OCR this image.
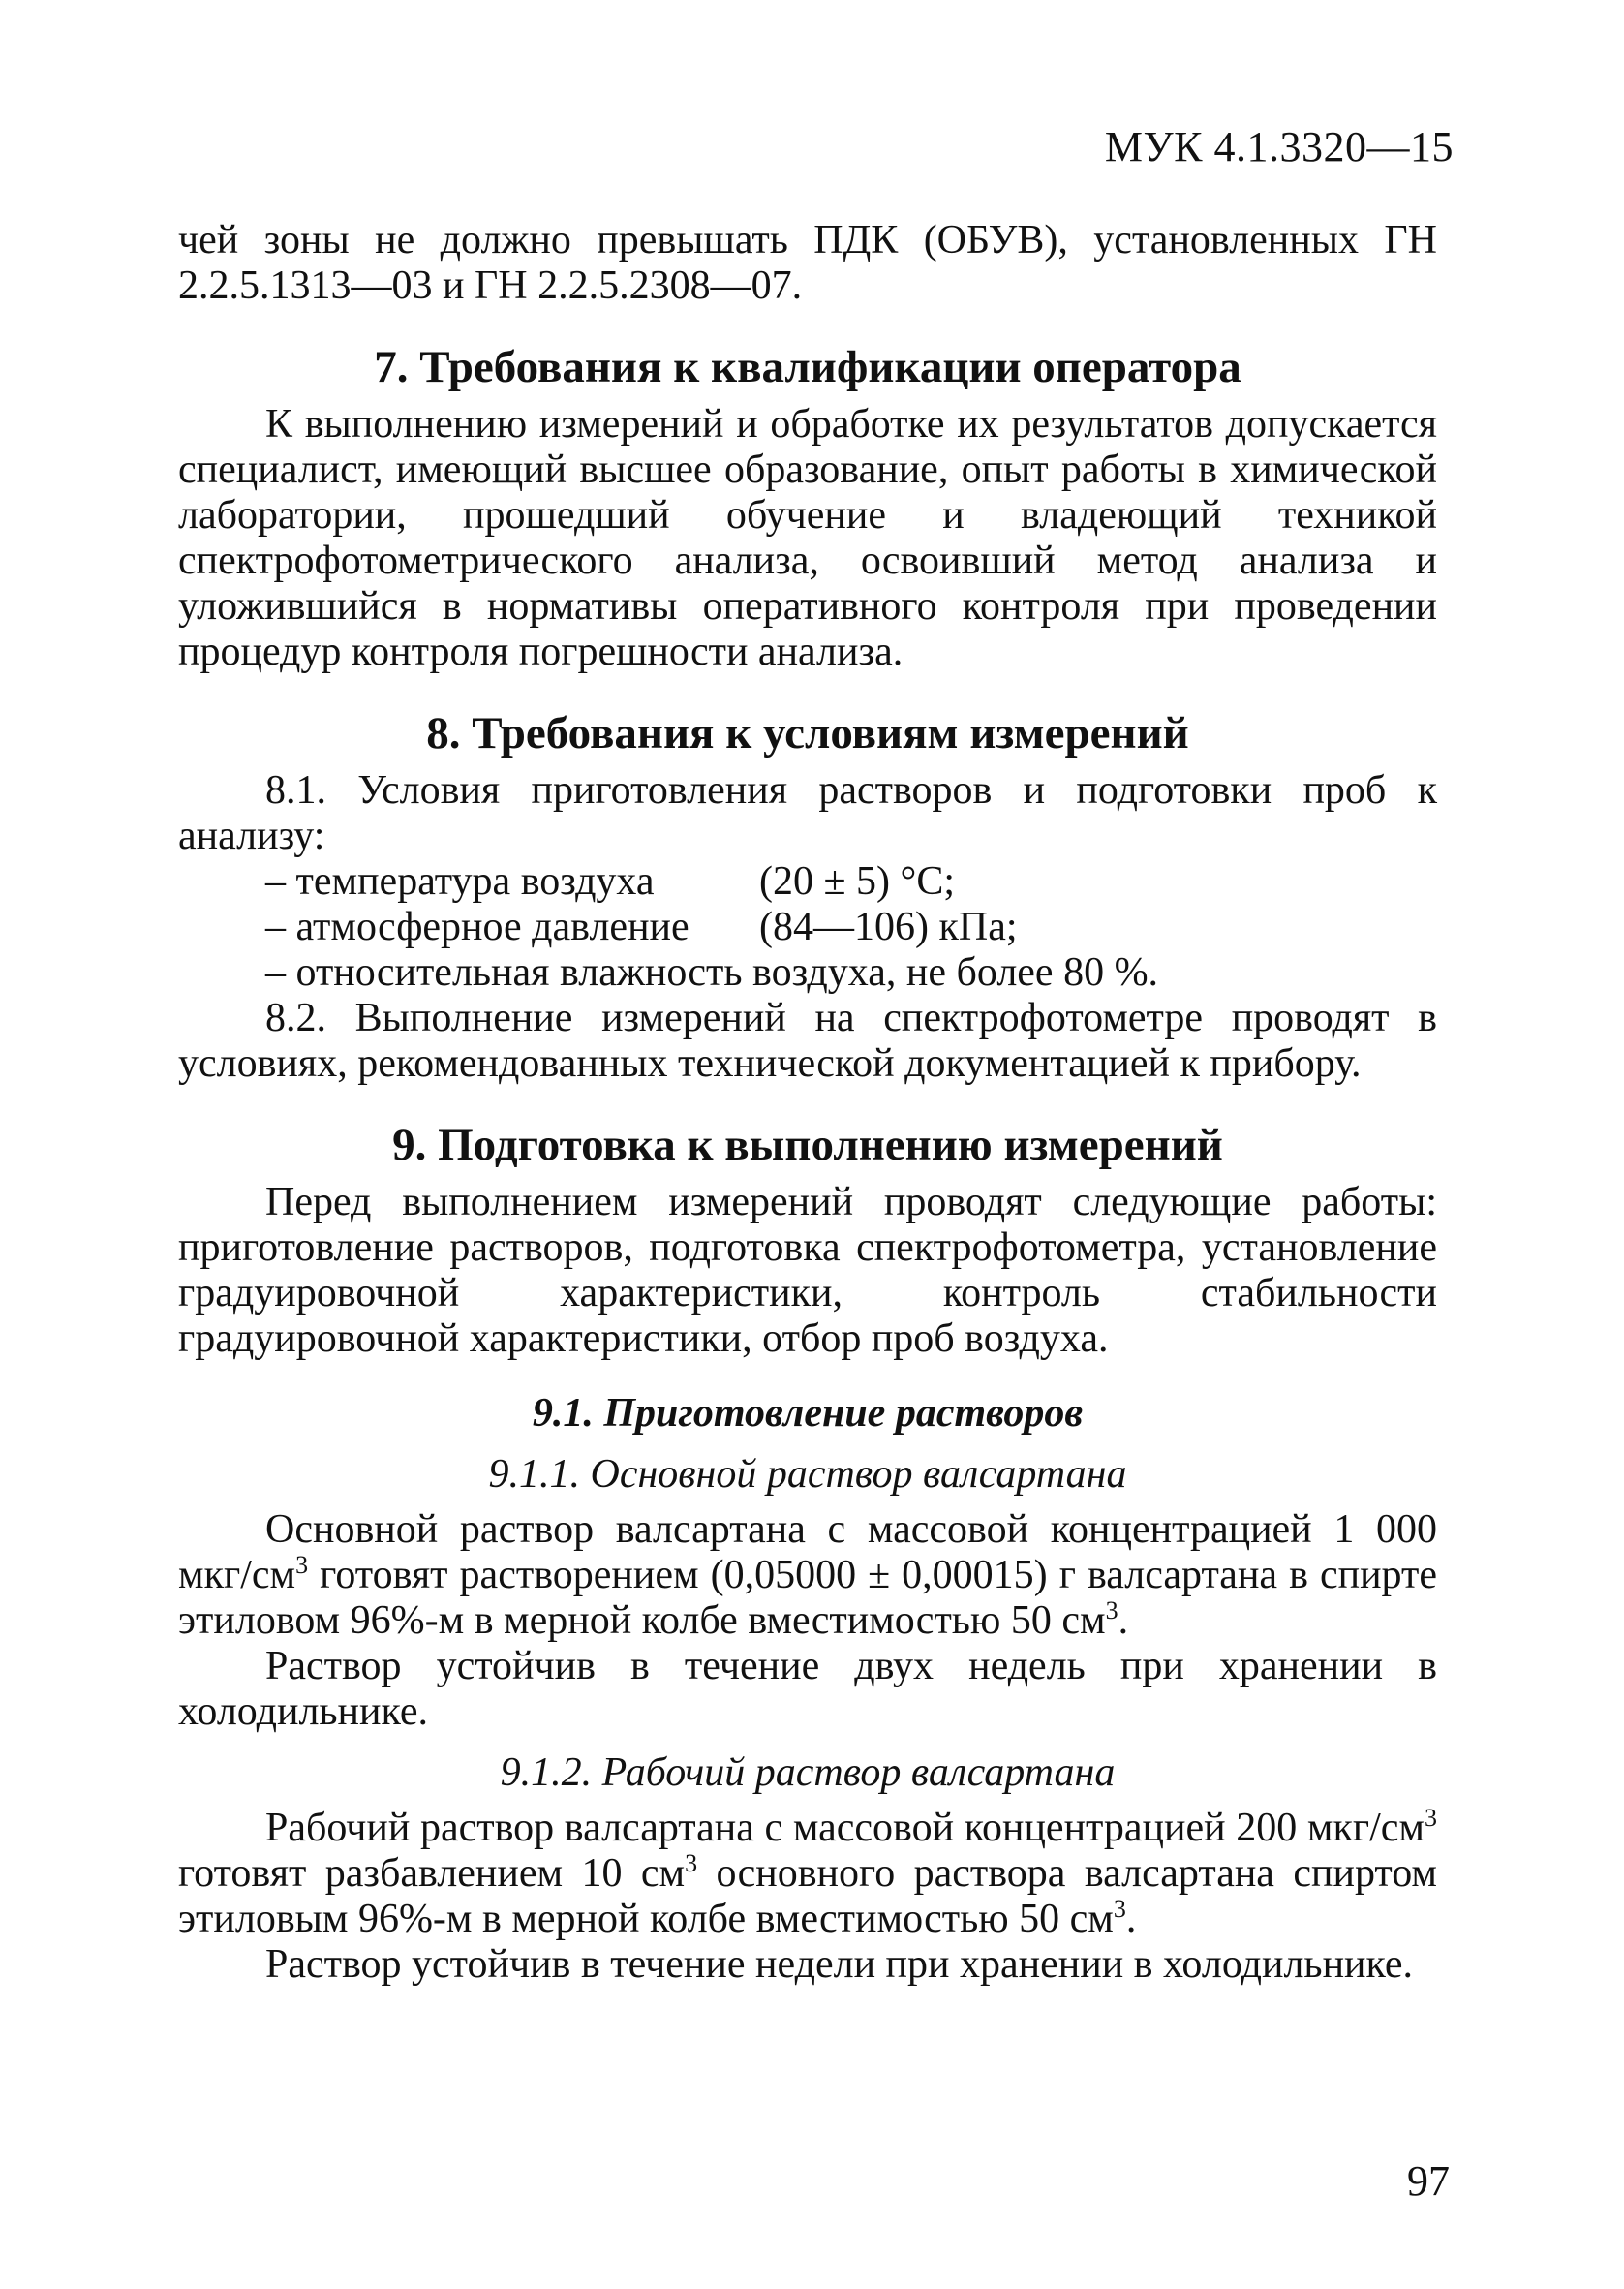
МУК 4.1.3320—15

чей зоны не должно превышать ПДК (ОБУВ), установленных ГН 2.2.5.1313—03 и ГН 2.2.5.2308—07.

7. Требования к квалификации оператора

К выполнению измерений и обработке их результатов допускается специалист, имеющий высшее образование, опыт работы в химической лаборатории, прошедший обучение и владеющий техникой спектрофотометрического анализа, освоивший метод анализа и уложившийся в нормативы оперативного контроля при проведении процедур контроля погрешности анализа.

8. Требования к условиям измерений

8.1. Условия приготовления растворов и подготовки проб к анализу:

– температура воздуха	(20 ± 5) °С;
– атмосферное давление	(84—106) кПа;
– относительная влажность воздуха, не более 80 %.

8.2. Выполнение измерений на спектрофотометре проводят в условиях, рекомендованных технической документацией к прибору.

9. Подготовка к выполнению измерений

Перед выполнением измерений проводят следующие работы: приготовление растворов, подготовка спектрофотометра, установление градуировочной характеристики, контроль стабильности градуировочной характеристики, отбор проб воздуха.

9.1. Приготовление растворов
9.1.1. Основной раствор валсартана

Основной раствор валсартана с массовой концентрацией 1 000 мкг/$см^3$ готовят растворением (0,05000 ± 0,00015) г валсартана в спирте этиловом 96%-м в мерной колбе вместимостью 50 $см^3$.

Раствор устойчив в течение двух недель при хранении в холодильнике.

9.1.2. Рабочий раствор валсартана

Рабочий раствор валсартана с массовой концентрацией 200 мкг/$см^3$ готовят разбавлением 10 $см^3$ основного раствора валсартана спиртом этиловым 96%-м в мерной колбе вместимостью 50 $см^3$.

Раствор устойчив в течение недели при хранении в холодильнике.

97
